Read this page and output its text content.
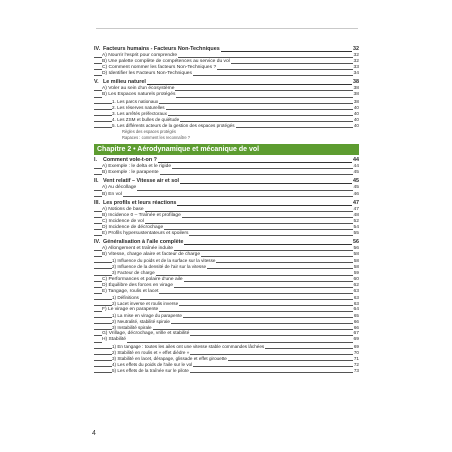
IV. Facteurs humains - Facteurs Non-Techniques	32
A) Nourrir l'esprit pour comprendre	32
B) Une palette complète de compétences au service du vol	32
C) Comment nommer les facteurs Non-Techniques ?	33
D) Identifier les Facteurs Non-Techniques	34
V. Le milieu naturel	38
A) Voler au sein d'un écosystème	38
B) Les Espaces naturels protégés	38
1. Les parcs nationaux	38
2. Les réserves naturelles	40
3. Les arrêtés préfectoraux	40
4. Les ZSM et bulles de quiétude	40
5. Les différents acteurs de la gestion des espaces protégés	40
Règles des espaces protégés
Rapaces : comment les reconnaître ?
Chapitre 2 • Aérodynamique et mécanique de vol
I. Comment vole-t-on ?	44
A) Exemple : le delta et le rigide	44
B) Exemple : le parapente	45
II. Vent relatif – Vitesse air et sol	45
A) Au décollage	45
B) En vol	46
III. Les profils et leurs réactions	47
A) Notions de base	47
B) Incidence 0 – Traînée et profilage	48
C) Incidence de vol	52
D) Incidence de décrochage	54
E) Profils hypersustentateurs et spoilers	55
IV. Généralisation à l'aile complète	56
A) Allongement et traînée induite	56
B) Vitesse, charge alaire et facteur de charge	58
1) Influence du poids et de la surface sur la vitesse	58
2) Influence de la densité de l'air sur la vitesse	58
3) Facteur de charge	59
C) Performances et polaire d'une aile	60
D) Équilibre des forces en virage	62
E) Tangage, roulis et lacet	63
1) Définitions	63
2) Lacet inverse et roulis inverse	63
F) Le virage en parapente	64
1) La mise en virage du parapente	65
2) Neutralité, stabilité spirale	66
3) Instabilité spirale	66
G) Vrillage, décrochage, vrille et stabilité	67
H) Stabilité	69
1) En tangage : toutes les ailes ont une vitesse stable commandes lâchées	69
2) Stabilité en roulis et « effet dièdre »	70
3) Stabilité en lacet, dérapage, glissade et effet girouette	71
4) Les effets du poids de l'aile sur le vol	72
5) Les effets de la traînée sur le pilote	73
4
